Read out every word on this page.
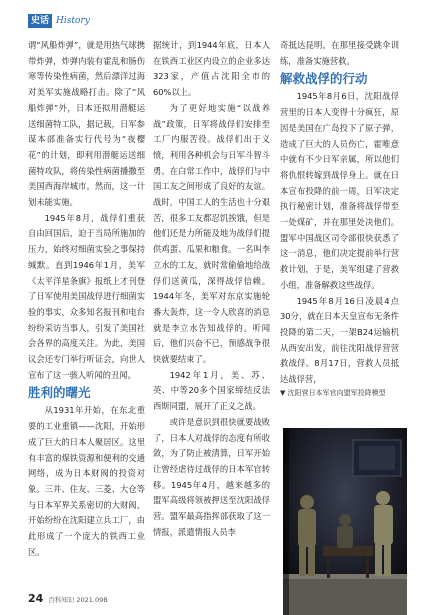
史话 History

谓“风船炸弹”，就是用热气球携带炸弹，炸弹内装有霍乱和肠伤寒等传染性病菌，然后漂洋过海对美军实施战略打击。除了“风船炸弹”外，日本还拟用潜艇运送细菌特工队，据记载，日军参谋本部准备实行代号为“夜樱花”的计划，即利用潜艇运送细菌特攻队，将传染性病菌播撒至美国西海岸城市。然而，这一计划未能实施。

1945年8月，战俘们重获自由回国后，迫于当局所施加的压力，始终对细菌实验之事保持缄默。直到1946年1月，美军《太平洋星条旗》报纸上才刊登了日军使用美国战俘进行细菌实验的事实，众多知名报刊和电台纷纷采访当事人，引发了美国社会各界的高度关注。为此，美国议会还专门举行听证会，向世人宣布了这一骇人听闻的丑闻。

胜利的曙光

从1931年开始，在东北重要的工业重镇——沈阳，开始形成了巨大的日本人聚居区。这里有丰富的煤铁资源和便利的交通网络，成为日本财阀的投资对象。三井、住友、三菱、大仓等与日本军界关系密切的大财阀，开始纷纷在沈阳建立兵工厂，由此形成了一个庞大的铁西工业区。

据统计，到1944年底，日本人在铁西工业区内设立的企业多达323家，产值占沈阳全市的60%以上。

为了更好地实施“以战养战”政策，日军将战俘们安排至工厂内服苦役。战俘们出于义愤，利用各种机会与日军斗智斗勇。在白常工作中，战俘们与中国工友之间形成了良好的友谊。战时，中国工人的生活也十分艰苦，很多工友都忍饥挨饿，但是他们还是力所能及地为战俘们提供鸡蛋、瓜果和粮食。一名叫李立水的工友，就时常偷偷地给战俘们送黄瓜，深得战俘信赖。1944年冬，美军对东京实施轮番大轰炸，这一令人欣喜的消息就是李立水告知战俘的。听闻后，他们兴奋不已，预感战争很快就要结束了。

1942年1月，美、苏、英、中等20多个国家缔结反法西斯同盟，展开了正义之战。

或许是意识到很快就要战败了，日本人对战俘的态度有所收敛，为了防止被清算，日军开始让曾经虐待过战俘的日本军官转移。1945年4月，越来越多的盟军高级将领被押送至沈阳战俘营。盟军最高指挥部获取了这一情报，派遣情报人员李

奇抵达昆明，在那里接受跳伞训练，准备实施营救。

解救战俘的行动

1945年8月6日，沈阳战俘营里的日本人变得十分疯狂，原因是美国在广岛投下了原子弹，造成了巨大的人员伤亡，霍唯意中就有不少日军亲属，所以他们将仇恨转嫁到战俘身上。就在日本宣布投降的前一周，日军决定执行秘密计划，准备将战俘带至一处煤矿，并在那里处决他们。盟军中国战区司令部很快获悉了这一消息，他们决定提前举行营救计划，于是，美军组建了营救小组，准备解救这些战俘。

1945年8月16日凌晨4点30分，就在日本天皇宣布无条件投降的第二天，一架B24运输机从西安出发，前往沈阳战俘营营救战俘。8月17日，营救人员抵达战俘营，

▼ 沈阳营日本军官向盟军投降模型

24 百科知识 2021.09B
